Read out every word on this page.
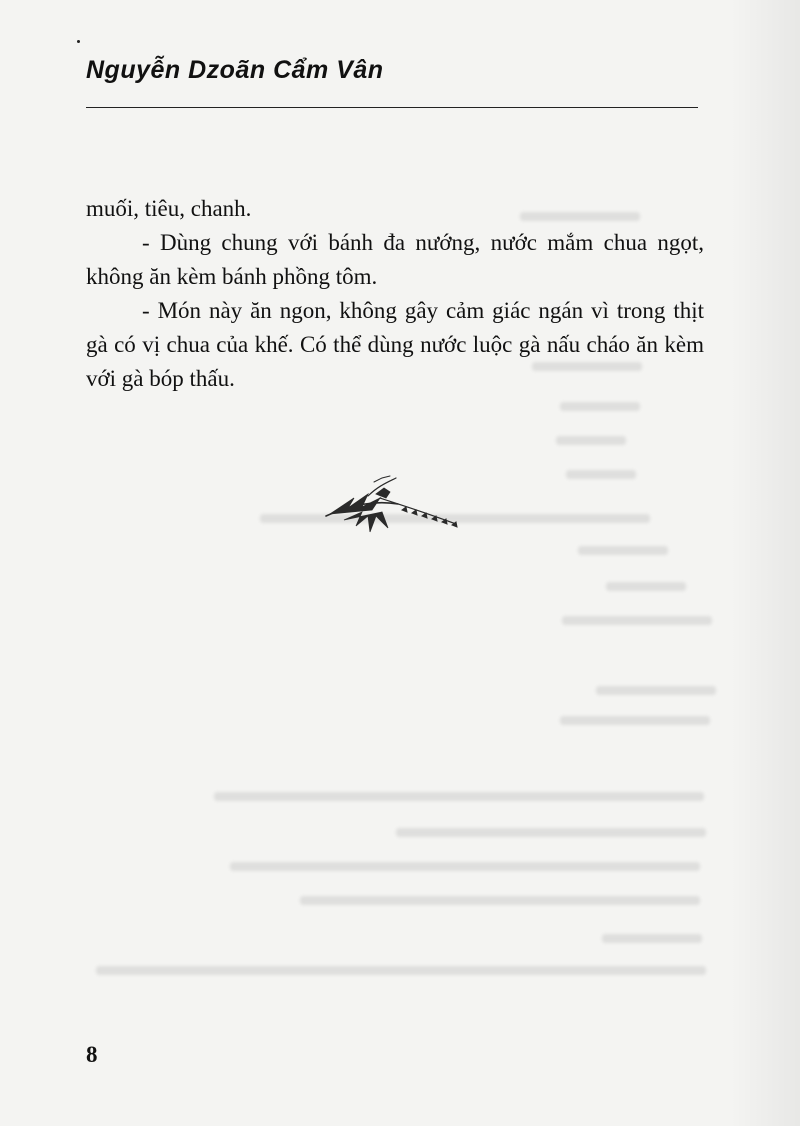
Nguyễn Dzoãn Cẩm Vân

muối, tiêu, chanh.

- Dùng chung với bánh đa nướng, nước mắm chua ngọt, không ăn kèm bánh phồng tôm.

- Món này ăn ngon, không gây cảm giác ngán vì trong thịt gà có vị chua của khế. Có thể dùng nước luộc gà nấu cháo ăn kèm với gà bóp thấu.

8
